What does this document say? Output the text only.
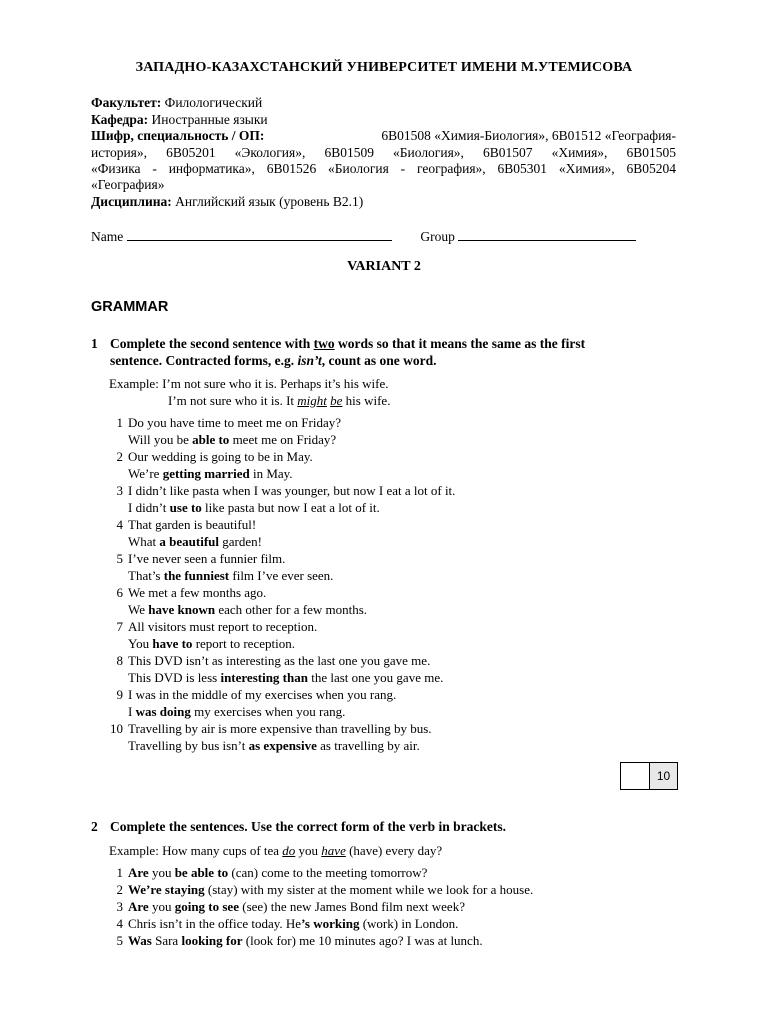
ЗАПАДНО-КАЗАХСТАНСКИЙ УНИВЕРСИТЕТ ИМЕНИ М.УТЕМИСОВА
Факультет: Филологический
Кафедра: Иностранные языки
Шифр, специальность / ОП:	6В01508 «Химия-Биология», 6В01512 «География-
история», 6В05201 «Экология», 6В01509 «Биология», 6В01507 «Химия», 6В01505
«Физика - информатика», 6В01526 «Биология - география», 6В05301 «Химия», 6В05204
«География»
Дисциплина: Английский язык (уровень В2.1)
Name	Group
VARIANT 2
GRAMMAR
1 Complete the second sentence with two words so that it means the same as the first
sentence. Contracted forms, e.g. isn’t, count as one word.
Example: I’m not sure who it is. Perhaps it’s his wife.
I’m not sure who it is. It might be his wife.
1 Do you have time to meet me on Friday?
Will you be able to meet me on Friday?
2 Our wedding is going to be in May.
We’re getting married in May.
3 I didn’t like pasta when I was younger, but now I eat a lot of it.
I didn’t use to like pasta but now I eat a lot of it.
4 That garden is beautiful!
What a beautiful garden!
5 I’ve never seen a funnier film.
That’s the funniest film I’ve ever seen.
6 We met a few months ago.
We have known each other for a few months.
7 All visitors must report to reception.
You have to report to reception.
8 This DVD isn’t as interesting as the last one you gave me.
This DVD is less interesting than the last one you gave me.
9 I was in the middle of my exercises when you rang.
I was doing my exercises when you rang.
10 Travelling by air is more expensive than travelling by bus.
Travelling by bus isn’t as expensive as travelling by air.
10
2 Complete the sentences. Use the correct form of the verb in brackets.
Example: How many cups of tea do you have (have) every day?
1 Are you be able to (can) come to the meeting tomorrow?
2 We’re staying (stay) with my sister at the moment while we look for a house.
3 Are you going to see (see) the new James Bond film next week?
4 Chris isn’t in the office today. He’s working (work) in London.
5 Was Sara looking for (look for) me 10 minutes ago? I was at lunch.
